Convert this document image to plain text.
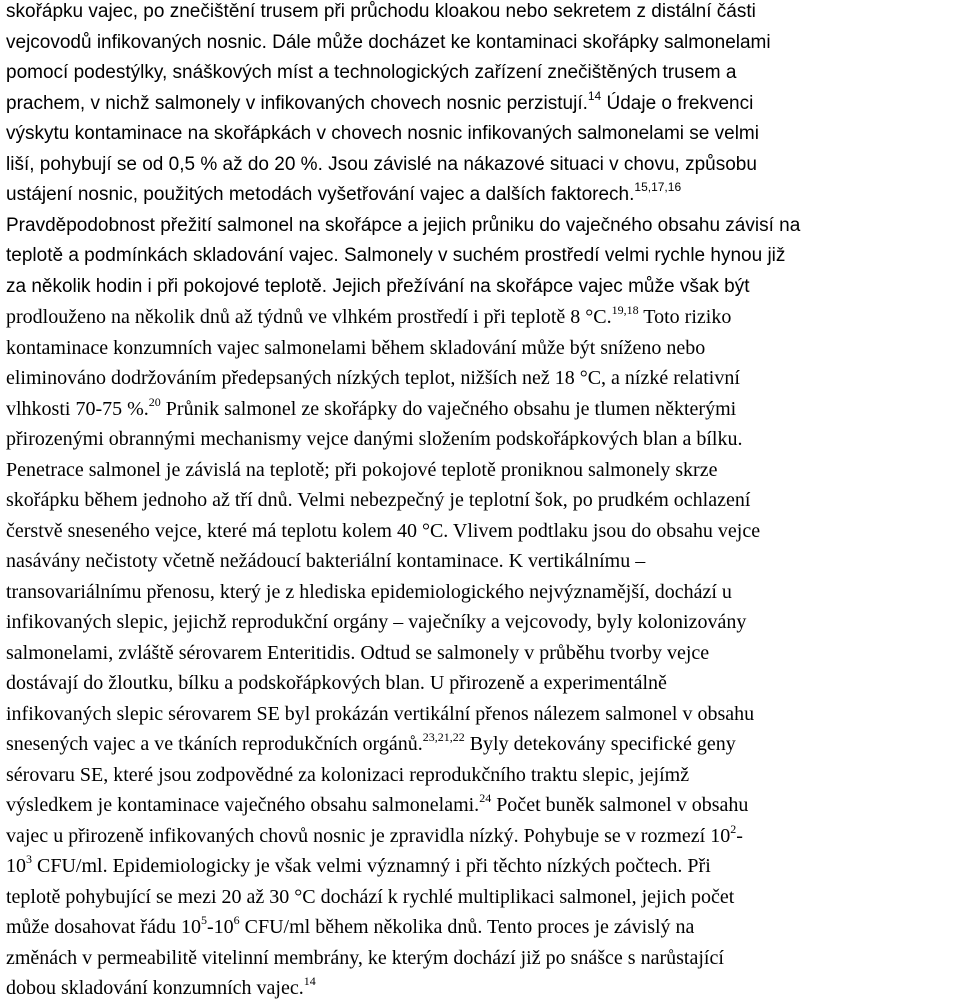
skořápku vajec, po znečištění trusem při průchodu kloakou nebo sekretem z distální části
vejcovodů infikovaných nosnic. Dále může docházet ke kontaminaci skořápky salmonelami
pomocí podestýlky, snáškových míst a technologických zařízení znečištěných trusem a
prachem, v nichž salmonely v infikovaných chovech nosnic perzistují.$^{14}$ Údaje o frekvenci
výskytu kontaminace na skořápkách v chovech nosnic infikovaných salmonelami se velmi
liší, pohybují se od 0,5 % až do 20 %. Jsou závislé na nákazové situaci v chovu, způsobu
ustájení nosnic, použitých metodách vyšetřování vajec a dalších faktorech.$^{15,17,16}$
Pravděpodobnost přežití salmonel na skořápce a jejich průniku do vaječného obsahu závisí na
teplotě a podmínkách skladování vajec. Salmonely v suchém prostředí velmi rychle hynou již
za několik hodin i při pokojové teplotě. Jejich přežívání na skořápce vajec může však být
prodlouženo na několik dnů až týdnů ve vlhkém prostředí i při teplotě 8 °C.$^{19,18}$ Toto riziko
kontaminace konzumních vajec salmonelami během skladování může být sníženo nebo
eliminováno dodržováním předepsaných nízkých teplot, nižších než 18 °C, a nízké relativní
vlhkosti 70-75 %.$^{20}$ Průnik salmonel ze skořápky do vaječného obsahu je tlumen některými
přirozenými obrannými mechanismy vejce danými složením podskořápkových blan a bílku.
Penetrace salmonel je závislá na teplotě; při pokojové teplotě proniknou salmonely skrze
skořápku během jednoho až tří dnů. Velmi nebezpečný je teplotní šok, po prudkém ochlazení
čerstvě sneseného vejce, které má teplotu kolem 40 °C. Vlivem podtlaku jsou do obsahu vejce
nasávány nečistoty včetně nežádoucí bakteriální kontaminace. K vertikálnímu –
transovariálnímu přenosu, který je z hlediska epidemiologického nejvýznamější, dochází u
infikovaných slepic, jejichž reprodukční orgány – vaječníky a vejcovody, byly kolonizovány
salmonelami, zvláště sérovarem Enteritidis. Odtud se salmonely v průběhu tvorby vejce
dostávají do žloutku, bílku a podskořápkových blan. U přirozeně a experimentálně
infikovaných slepic sérovarem SE byl prokázán vertikální přenos nálezem salmonel v obsahu
snesených vajec a ve tkáních reprodukčních orgánů.$^{23,21,22}$ Byly detekovány specifické geny
sérovaru SE, které jsou zodpovědné za kolonizaci reprodukčního traktu slepic, jejímž
výsledkem je kontaminace vaječného obsahu salmonelami.$^{24}$ Počet buněk salmonel v obsahu
vajec u přirozeně infikovaných chovů nosnic je zpravidla nízký. Pohybuje se v rozmezí $10^2-$
$10^3$ CFU/ml. Epidemiologicky je však velmi významný i při těchto nízkých počtech. Při
teplotě pohybující se mezi 20 až 30 °C dochází k rychlé multiplikaci salmonel, jejich počet
může dosahovat řádu $10^5-10^6$ CFU/ml během několika dnů. Tento proces je závislý na
změnách v permeabilitě vitelinní membrány, ke kterým dochází již po snášce s narůstající
dobou skladování konzumních vajec.$^{14}$
